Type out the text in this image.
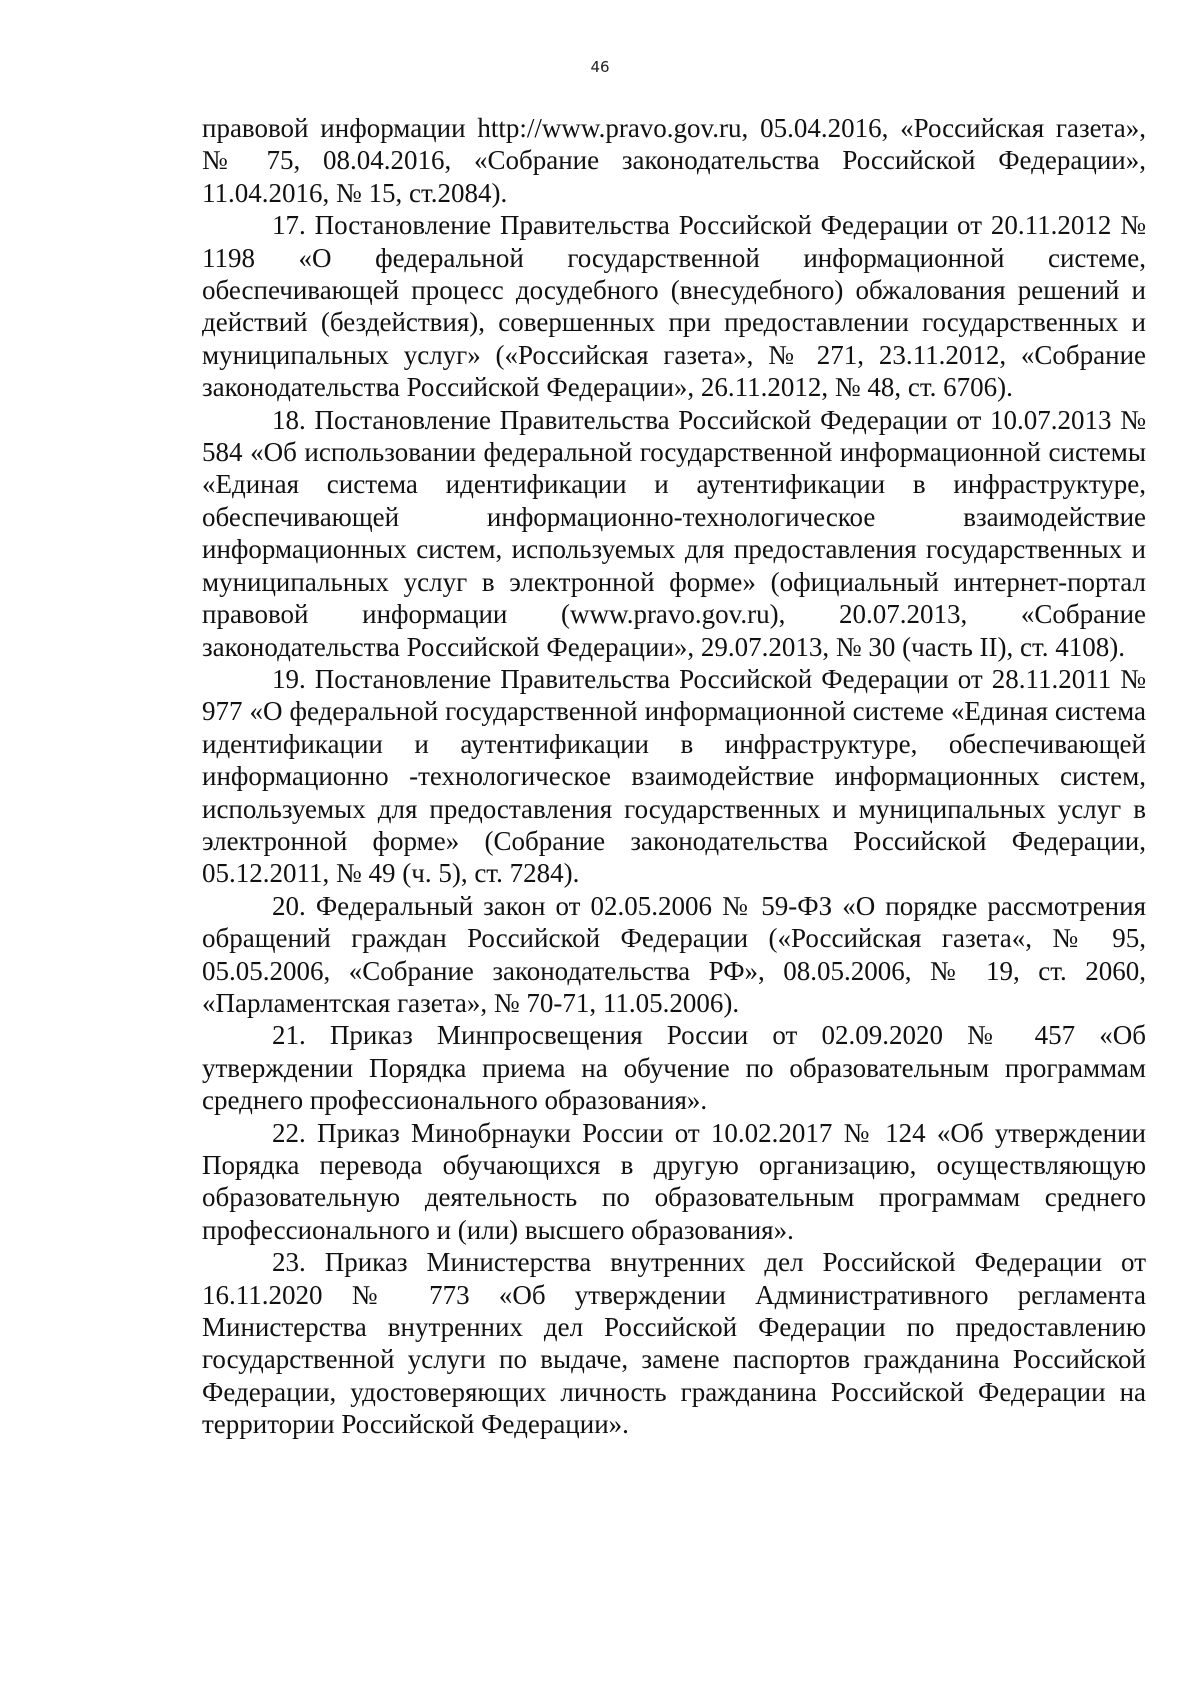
46

правовой информации http://www.pravo.gov.ru, 05.04.2016, «Российская газета», № 75, 08.04.2016, «Собрание законодательства Российской Федерации», 11.04.2016, № 15, ст.2084).

17. Постановление Правительства Российской Федерации от 20.11.2012 № 1198 «О федеральной государственной информационной системе, обеспечивающей процесс досудебного (внесудебного) обжалования решений и действий (бездействия), совершенных при предоставлении государственных и муниципальных услуг» («Российская газета», № 271, 23.11.2012, «Собрание законодательства Российской Федерации», 26.11.2012, № 48, ст. 6706).

18. Постановление Правительства Российской Федерации от 10.07.2013 № 584 «Об использовании федеральной государственной информационной системы «Единая система идентификации и аутентификации в инфраструктуре, обеспечивающей информационно-технологическое взаимодействие информационных систем, используемых для предоставления государственных и муниципальных услуг в электронной форме» (официальный интернет-портал правовой информации (www.pravo.gov.ru), 20.07.2013, «Собрание законодательства Российской Федерации», 29.07.2013, № 30 (часть II), ст. 4108).

19. Постановление Правительства Российской Федерации от 28.11.2011 № 977 «О федеральной государственной информационной системе «Единая система идентификации и аутентификации в инфраструктуре, обеспечивающей информационно -технологическое взаимодействие информационных систем, используемых для предоставления государственных и муниципальных услуг в электронной форме» (Собрание законодательства Российской Федерации, 05.12.2011, № 49 (ч. 5), ст. 7284).

20. Федеральный закон от 02.05.2006 № 59-ФЗ «О порядке рассмотрения обращений граждан Российской Федерации («Российская газета«, № 95, 05.05.2006, «Собрание законодательства РФ», 08.05.2006, № 19, ст. 2060, «Парламентская газета», № 70-71, 11.05.2006).

21. Приказ Минпросвещения России от 02.09.2020 № 457 «Об утверждении Порядка приема на обучение по образовательным программам среднего профессионального образования».

22. Приказ Минобрнауки России от 10.02.2017 № 124 «Об утверждении Порядка перевода обучающихся в другую организацию, осуществляющую образовательную деятельность по образовательным программам среднего профессионального и (или) высшего образования».

23. Приказ Министерства внутренних дел Российской Федерации от 16.11.2020 № 773 «Об утверждении Административного регламента Министерства внутренних дел Российской Федерации по предоставлению государственной услуги по выдаче, замене паспортов гражданина Российской Федерации, удостоверяющих личность гражданина Российской Федерации на территории Российской Федерации».
